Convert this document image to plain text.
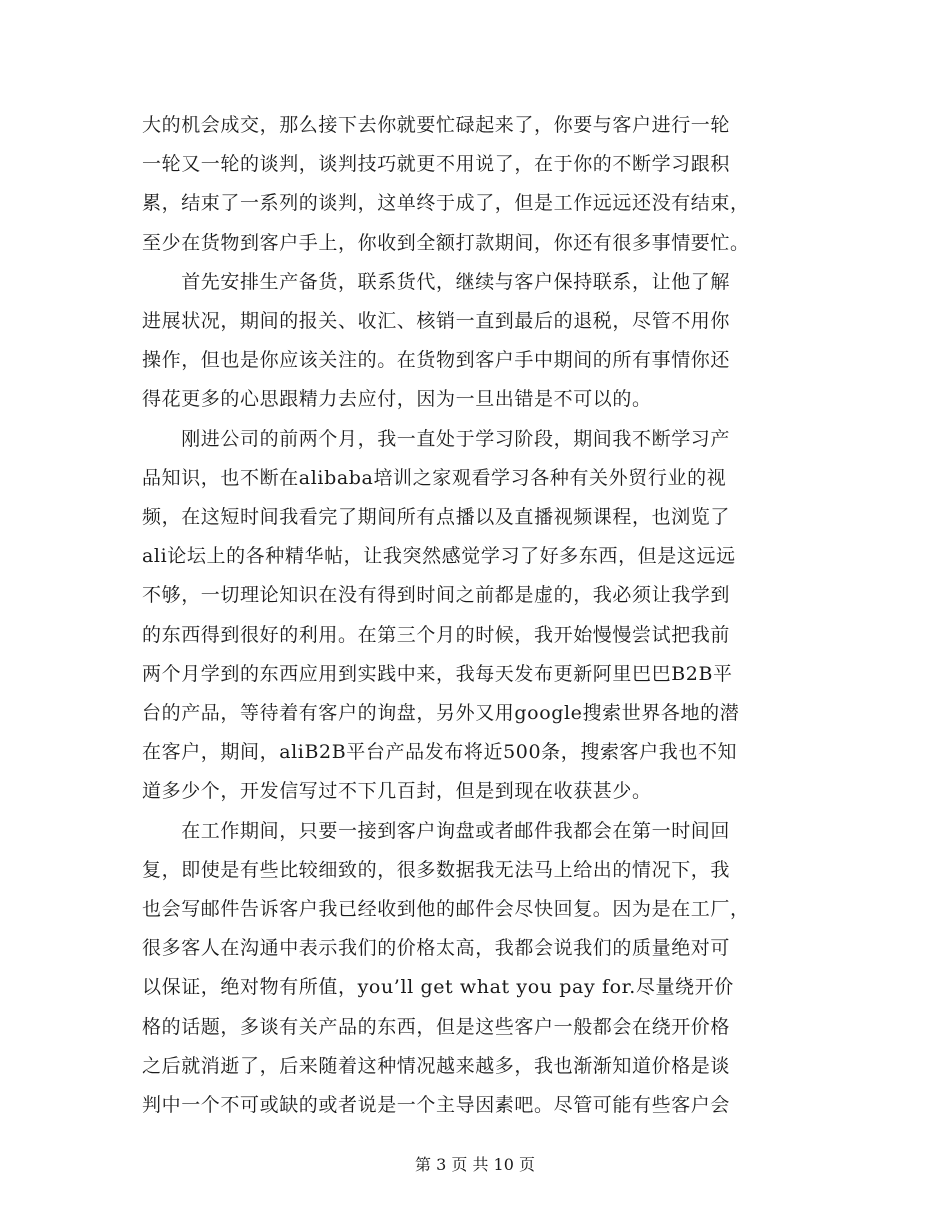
大的机会成交，那么接下去你就要忙碌起来了，你要与客户进行一轮
一轮又一轮的谈判，谈判技巧就更不用说了，在于你的不断学习跟积
累，结束了一系列的谈判，这单终于成了，但是工作远远还没有结束，
至少在货物到客户手上，你收到全额打款期间，你还有很多事情要忙。
　　首先安排生产备货，联系货代，继续与客户保持联系，让他了解
进展状况，期间的报关、收汇、核销一直到最后的退税，尽管不用你
操作，但也是你应该关注的。在货物到客户手中期间的所有事情你还
得花更多的心思跟精力去应付，因为一旦出错是不可以的。
　　刚进公司的前两个月，我一直处于学习阶段，期间我不断学习产
品知识，也不断在alibaba培训之家观看学习各种有关外贸行业的视
频，在这短时间我看完了期间所有点播以及直播视频课程，也浏览了
ali论坛上的各种精华帖，让我突然感觉学习了好多东西，但是这远远
不够，一切理论知识在没有得到时间之前都是虚的，我必须让我学到
的东西得到很好的利用。在第三个月的时候，我开始慢慢尝试把我前
两个月学到的东西应用到实践中来，我每天发布更新阿里巴巴B2B平
台的产品，等待着有客户的询盘，另外又用google搜索世界各地的潜
在客户，期间，aliB2B平台产品发布将近500条，搜索客户我也不知
道多少个，开发信写过不下几百封，但是到现在收获甚少。
　　在工作期间，只要一接到客户询盘或者邮件我都会在第一时间回
复，即使是有些比较细致的，很多数据我无法马上给出的情况下，我
也会写邮件告诉客户我已经收到他的邮件会尽快回复。因为是在工厂，
很多客人在沟通中表示我们的价格太高，我都会说我们的质量绝对可
以保证，绝对物有所值，you’ll get what you pay for.尽量绕开价
格的话题，多谈有关产品的东西，但是这些客户一般都会在绕开价格
之后就消逝了，后来随着这种情况越来越多，我也渐渐知道价格是谈
判中一个不可或缺的或者说是一个主导因素吧。尽管可能有些客户会
第 3 页 共 10 页
